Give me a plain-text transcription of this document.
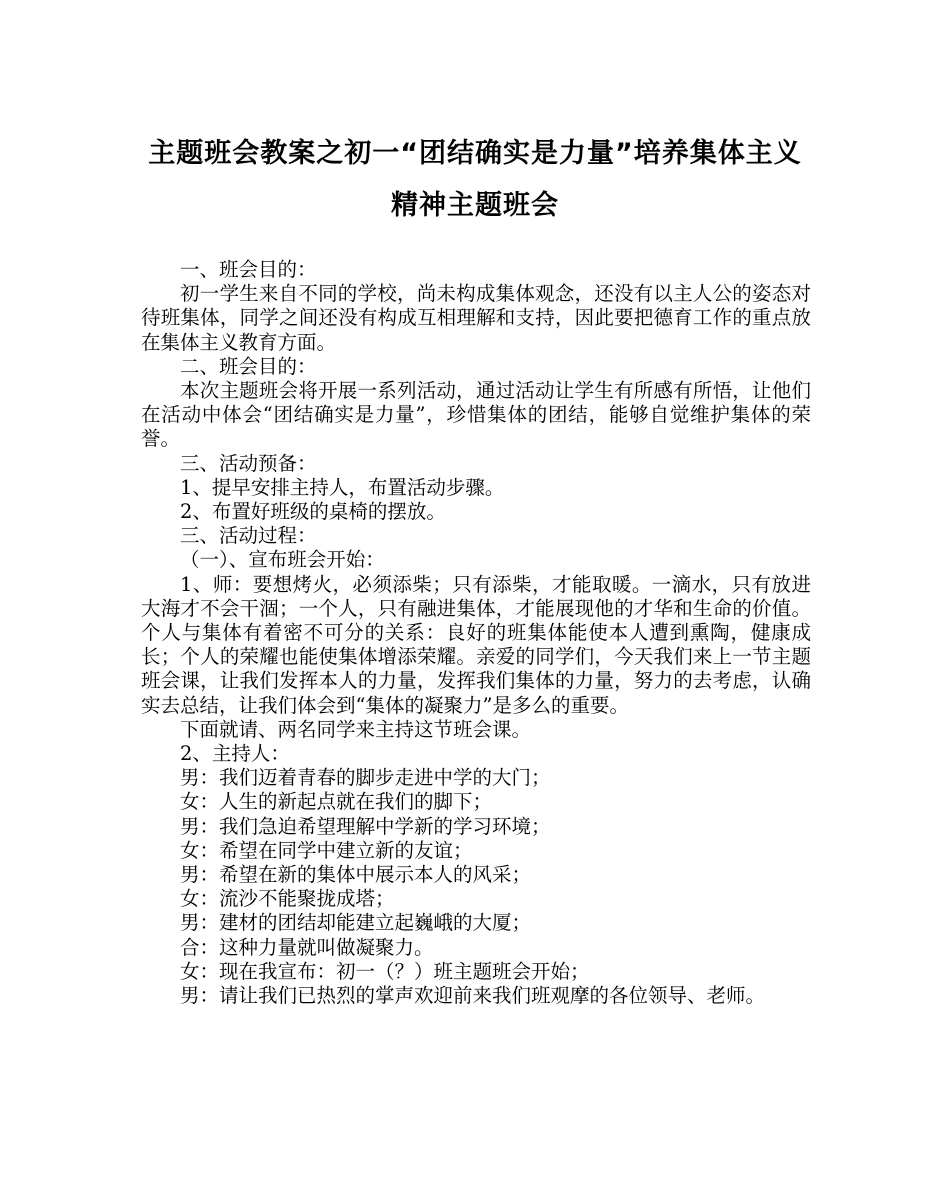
主题班会教案之初一“团结确实是力量”培养集体主义
精神主题班会

一、班会目的：

初一学生来自不同的学校，尚未构成集体观念，还没有以主人公的姿态对待班集体，同学之间还没有构成互相理解和支持，因此要把德育工作的重点放在集体主义教育方面。

二、班会目的：

本次主题班会将开展一系列活动，通过活动让学生有所感有所悟，让他们在活动中体会“团结确实是力量”，珍惜集体的团结，能够自觉维护集体的荣誉。

三、活动预备：

1、提早安排主持人，布置活动步骤。

2、布置好班级的桌椅的摆放。

三、活动过程：

（一）、宣布班会开始：

1、师：要想烤火，必须添柴；只有添柴，才能取暖。一滴水，只有放进大海才不会干涸；一个人，只有融进集体，才能展现他的才华和生命的价值。个人与集体有着密不可分的关系：良好的班集体能使本人遭到熏陶，健康成长；个人的荣耀也能使集体增添荣耀。亲爱的同学们，今天我们来上一节主题班会课，让我们发挥本人的力量，发挥我们集体的力量，努力的去考虑，认确实去总结，让我们体会到“集体的凝聚力”是多么的重要。

下面就请、两名同学来主持这节班会课。

2、主持人：

男：我们迈着青春的脚步走进中学的大门；

女：人生的新起点就在我们的脚下；

男：我们急迫希望理解中学新的学习环境；

女：希望在同学中建立新的友谊；

男：希望在新的集体中展示本人的风采；

女：流沙不能聚拢成塔；

男：建材的团结却能建立起巍峨的大厦；

合：这种力量就叫做凝聚力。

女：现在我宣布：初一（？）班主题班会开始；

男：请让我们已热烈的掌声欢迎前来我们班观摩的各位领导、老师。
